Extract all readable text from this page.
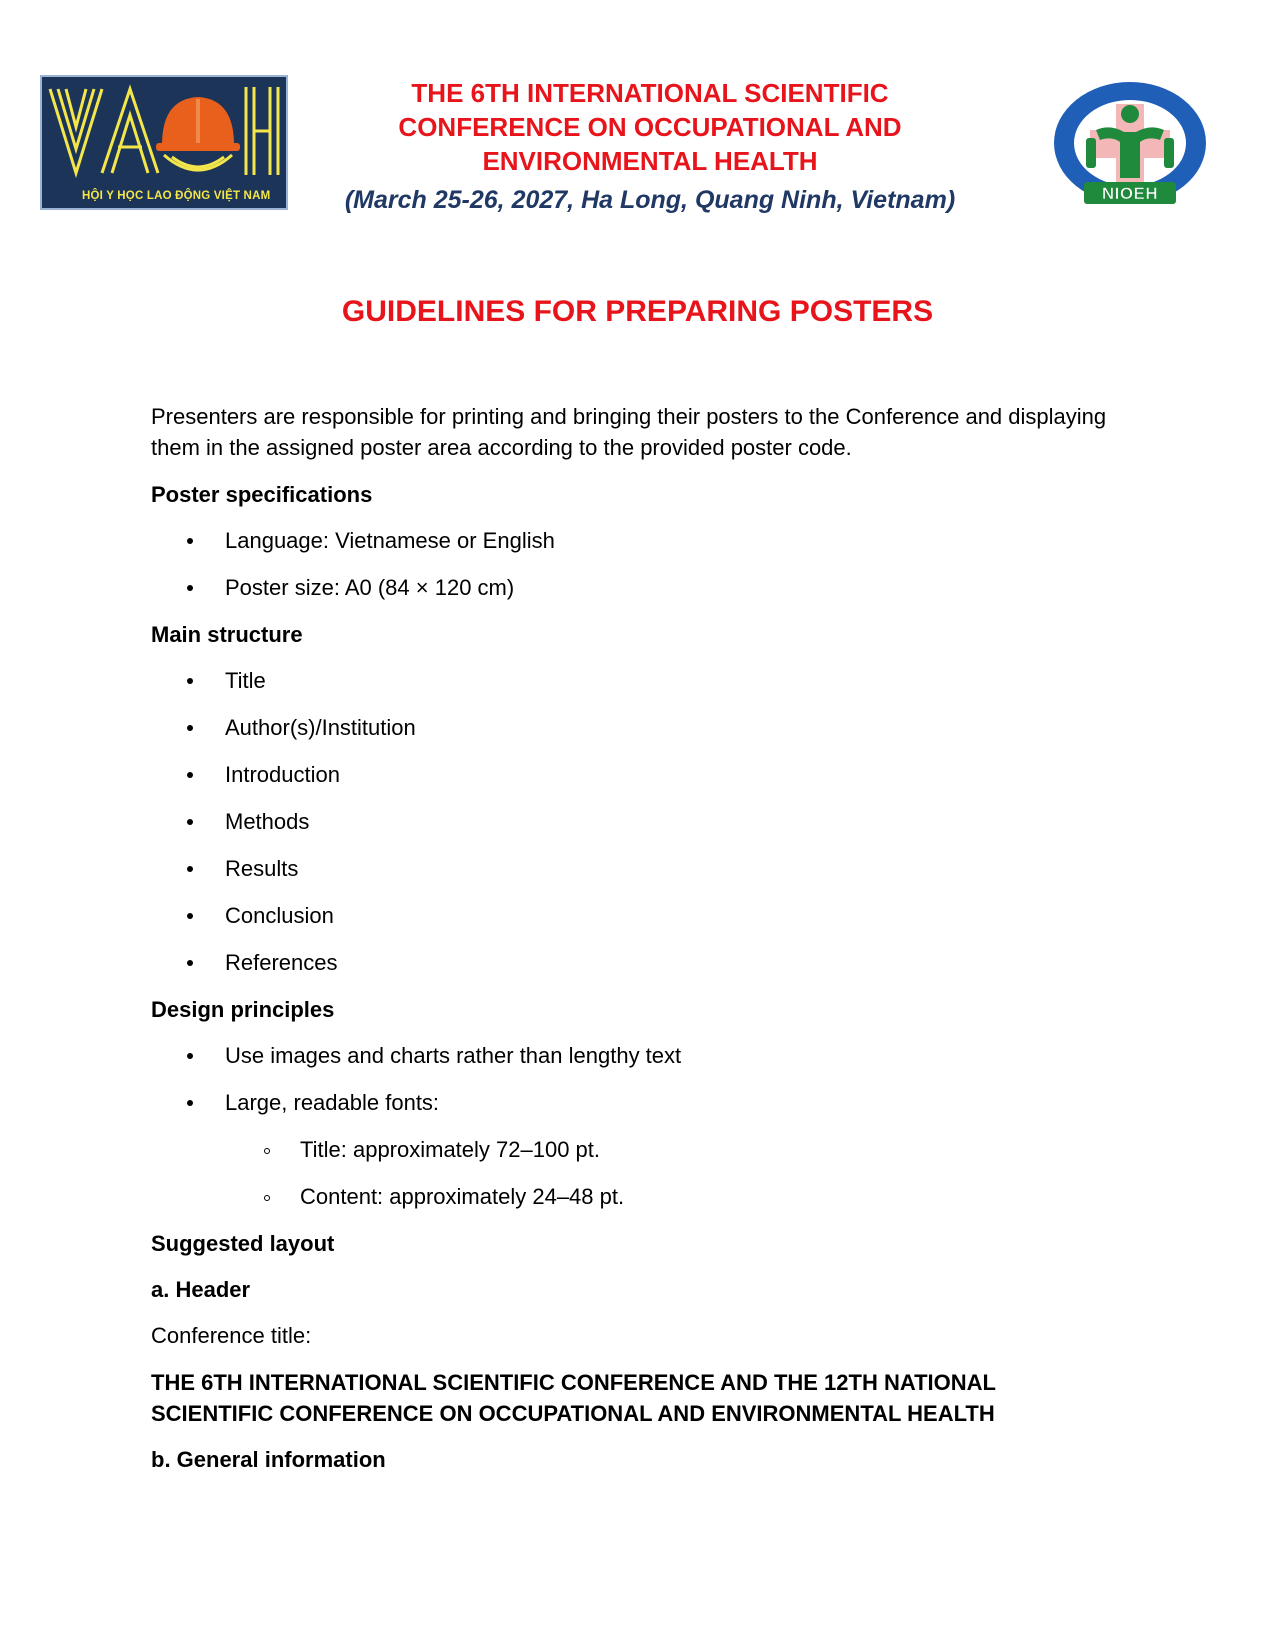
HỘI Y HỌC LAO ĐỘNG VIỆT NAM	NIOEH
THE 6TH INTERNATIONAL SCIENTIFIC
CONFERENCE ON OCCUPATIONAL AND
ENVIRONMENTAL HEALTH
(March 25-26, 2027, Ha Long, Quang Ninh, Vietnam)
GUIDELINES FOR PREPARING POSTERS

Presenters are responsible for printing and bringing their posters to the Conference and displaying them in the assigned poster area according to the provided poster code.

Poster specifications
Language: Vietnamese or English
Poster size: A0 (84 × 120 cm)
Main structure
Title
Author(s)/Institution
Introduction
Methods
Results
Conclusion
References
Design principles
Use images and charts rather than lengthy text
Large, readable fonts:
Title: approximately 72–100 pt.
Content: approximately 24–48 pt.
Suggested layout
a. Header
Conference title:
THE 6TH INTERNATIONAL SCIENTIFIC CONFERENCE AND THE 12TH NATIONAL
SCIENTIFIC CONFERENCE ON OCCUPATIONAL AND ENVIRONMENTAL HEALTH
b. General information
